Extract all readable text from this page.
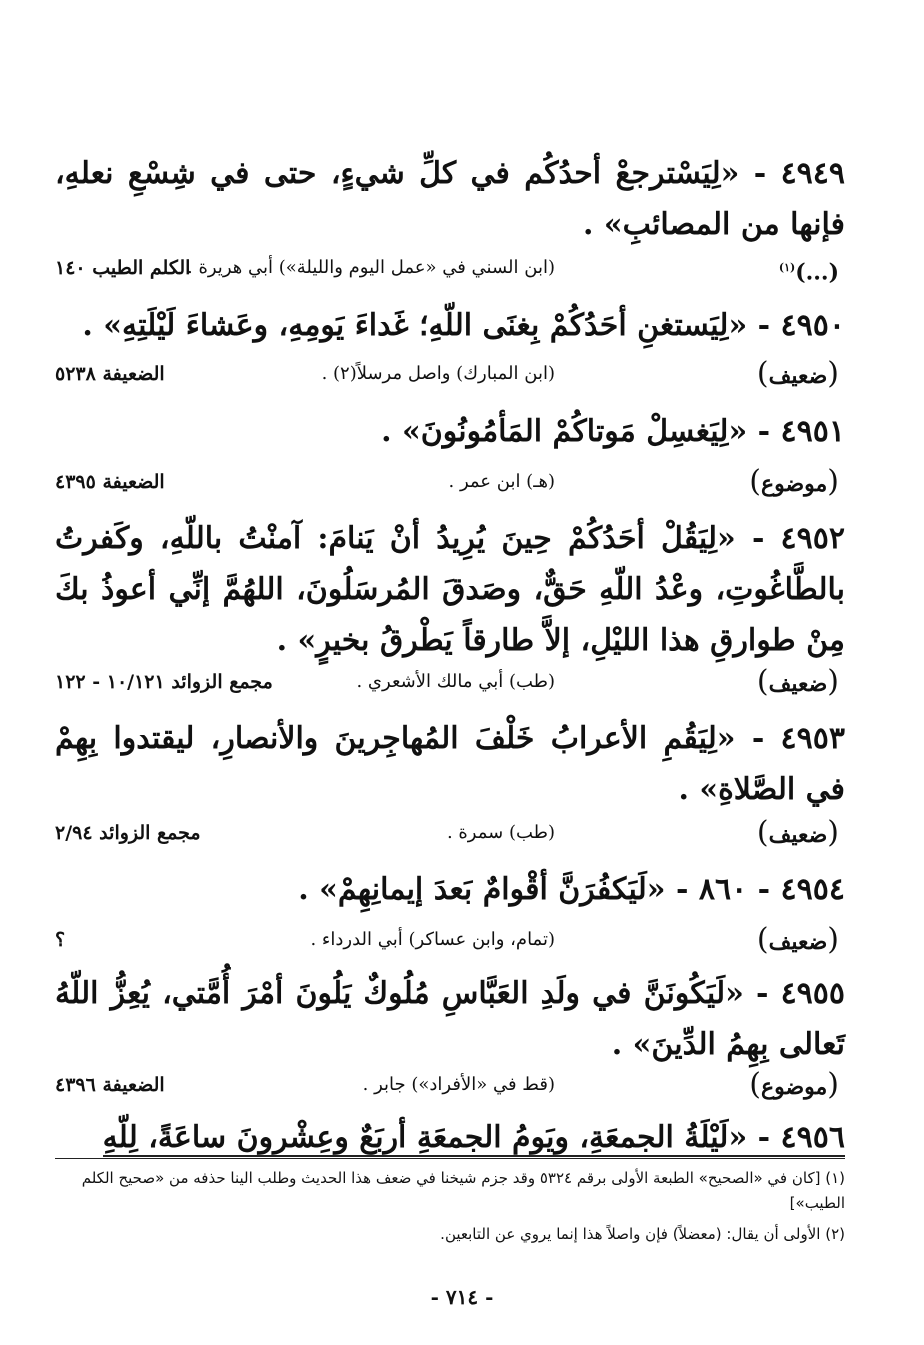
٤٩٤٩ - «لِيَسْترجعْ أحدُكُم في كلِّ شيءٍ، حتى في شِسْعِ نعلهِ، فإنها من المصائبِ» .
(...)$^{(١)}$
(ابن السني في «عمل اليوم والليلة») أبي هريرة .
الكلم الطيب ١٤٠
٤٩٥٠ - «لِيَستغنِ أحَدُكُمْ بِغنَى اللّهِ؛ غَداءَ يَومِهِ، وعَشاءَ لَيْلَتِهِ» .
(ضعيف)
(ابن المبارك) واصل مرسلاً(٢) .
الضعيفة ٥٢٣٨
٤٩٥١ - «لِيَغسِلْ مَوتاكُمْ المَأمُونُونَ» .
(موضوع)
(هـ) ابن عمر .
الضعيفة ٤٣٩٥
٤٩٥٢ - «لِيَقُلْ أحَدُكُمْ حِينَ يُرِيدُ أنْ يَنامَ: آمنْتُ باللّهِ، وكَفرتُ بالطَّاغُوتِ، وعْدُ اللّهِ حَقٌّ، وصَدقَ المُرسَلُونَ، اللهُمَّ إنِّي أعوذُ بكَ مِنْ طوارقِ هذا الليْلِ، إلاَّ طارقاً يَطْرقُ بخيرٍ» .
(ضعيف)
(طب) أبي مالك الأشعري .
مجمع الزوائد ١٠/١٢١ - ١٢٢
٤٩٥٣ - «لِيَقُمِ الأعرابُ خَلْفَ المُهاجِرينَ والأنصارِ، ليقتدوا بِهِمْ في الصَّلاةِ» .
(ضعيف)
(طب) سمرة .
مجمع الزوائد ٢/٩٤
٤٩٥٤ - ٨٦٠ - «لَيَكفُرَنَّ أقْوامٌ بَعدَ إيمانِهِمْ» .
(ضعيف)
(تمام، وابن عساكر) أبي الدرداء .
؟
٤٩٥٥ - «لَيَكُونَنَّ في ولَدِ العَبَّاسِ مُلُوكٌ يَلُونَ أمْرَ أُمَّتي، يُعِزُّ اللّهُ تَعالى بِهِمُ الدِّينَ» .
(موضوع)
(قط في «الأفراد») جابر .
الضعيفة ٤٣٩٦
٤٩٥٦ - «لَيْلَةُ الجمعَةِ، ويَومُ الجمعَةِ أربَعٌ وعِشْرونَ ساعَةً، لِلّهِ
(١) [كان في «الصحيح» الطبعة الأولى برقم ٥٣٢٤ وقد جزم شيخنا في ضعف هذا الحديث وطلب الينا حذفه من «صحيح الكلم الطيب»]
(٢) الأولى أن يقال: (معضلاً) فإن واصلاً هذا إنما يروي عن التابعين.
- ٧١٤ -
